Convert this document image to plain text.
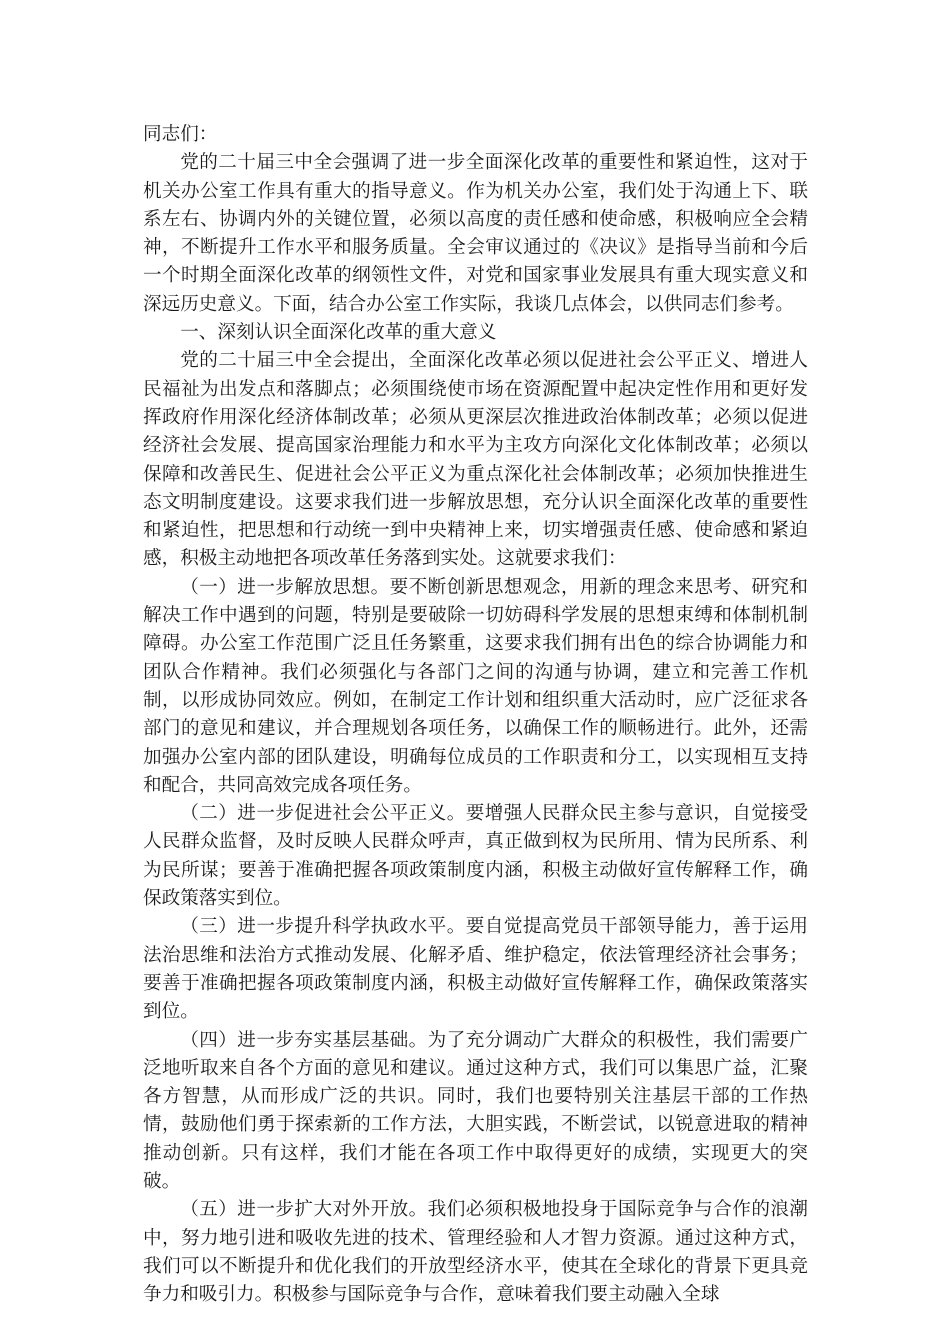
同志们：

党的二十届三中全会强调了进一步全面深化改革的重要性和紧迫性，这对于机关办公室工作具有重大的指导意义。作为机关办公室，我们处于沟通上下、联系左右、协调内外的关键位置，必须以高度的责任感和使命感，积极响应全会精神，不断提升工作水平和服务质量。全会审议通过的《决议》是指导当前和今后一个时期全面深化改革的纲领性文件，对党和国家事业发展具有重大现实意义和深远历史意义。下面，结合办公室工作实际，我谈几点体会，以供同志们参考。

一、深刻认识全面深化改革的重大意义

党的二十届三中全会提出，全面深化改革必须以促进社会公平正义、增进人民福祉为出发点和落脚点；必须围绕使市场在资源配置中起决定性作用和更好发挥政府作用深化经济体制改革；必须从更深层次推进政治体制改革；必须以促进经济社会发展、提高国家治理能力和水平为主攻方向深化文化体制改革；必须以保障和改善民生、促进社会公平正义为重点深化社会体制改革；必须加快推进生态文明制度建设。这要求我们进一步解放思想，充分认识全面深化改革的重要性和紧迫性，把思想和行动统一到中央精神上来，切实增强责任感、使命感和紧迫感，积极主动地把各项改革任务落到实处。这就要求我们：

（一）进一步解放思想。要不断创新思想观念，用新的理念来思考、研究和解决工作中遇到的问题，特别是要破除一切妨碍科学发展的思想束缚和体制机制障碍。办公室工作范围广泛且任务繁重，这要求我们拥有出色的综合协调能力和团队合作精神。我们必须强化与各部门之间的沟通与协调，建立和完善工作机制，以形成协同效应。例如，在制定工作计划和组织重大活动时，应广泛征求各部门的意见和建议，并合理规划各项任务，以确保工作的顺畅进行。此外，还需加强办公室内部的团队建设，明确每位成员的工作职责和分工，以实现相互支持和配合，共同高效完成各项任务。

（二）进一步促进社会公平正义。要增强人民群众民主参与意识，自觉接受人民群众监督，及时反映人民群众呼声，真正做到权为民所用、情为民所系、利为民所谋；要善于准确把握各项政策制度内涵，积极主动做好宣传解释工作，确保政策落实到位。

（三）进一步提升科学执政水平。要自觉提高党员干部领导能力，善于运用法治思维和法治方式推动发展、化解矛盾、维护稳定，依法管理经济社会事务；要善于准确把握各项政策制度内涵，积极主动做好宣传解释工作，确保政策落实到位。

（四）进一步夯实基层基础。为了充分调动广大群众的积极性，我们需要广泛地听取来自各个方面的意见和建议。通过这种方式，我们可以集思广益，汇聚各方智慧，从而形成广泛的共识。同时，我们也要特别关注基层干部的工作热情，鼓励他们勇于探索新的工作方法，大胆实践，不断尝试，以锐意进取的精神推动创新。只有这样，我们才能在各项工作中取得更好的成绩，实现更大的突破。

（五）进一步扩大对外开放。我们必须积极地投身于国际竞争与合作的浪潮中，努力地引进和吸收先进的技术、管理经验和人才智力资源。通过这种方式，我们可以不断提升和优化我们的开放型经济水平，使其在全球化的背景下更具竞争力和吸引力。积极参与国际竞争与合作，意味着我们要主动融入全球
